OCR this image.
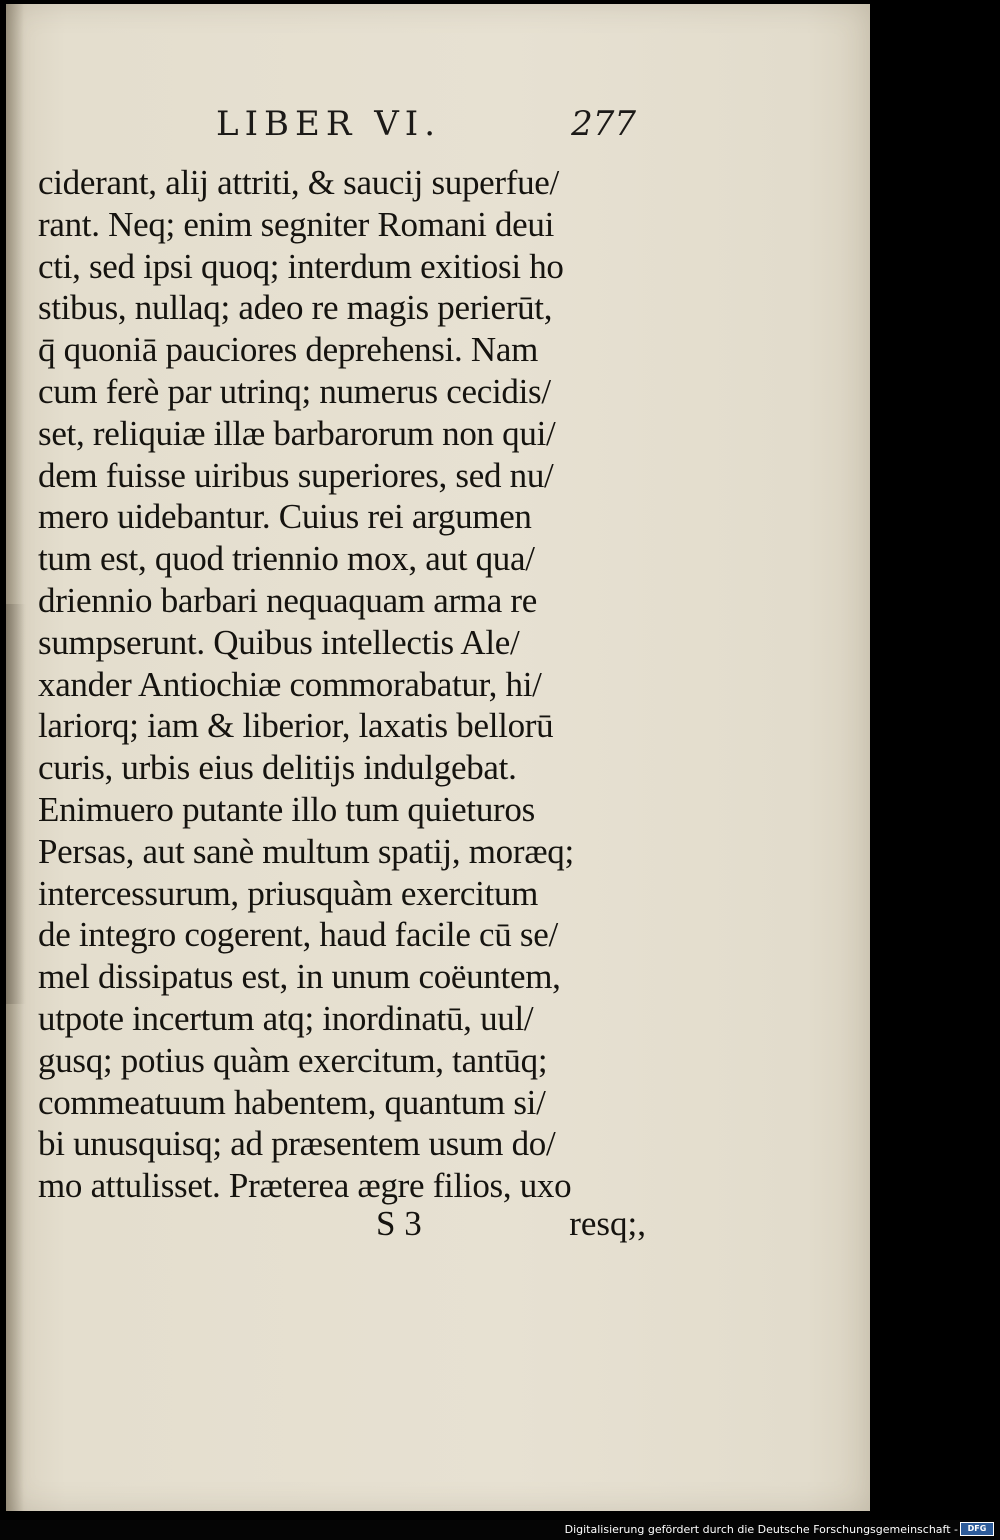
LIBER VI.	277
ciderant, alij attriti, & saucij superfue/
rant. Neq; enim segniter Romani deui
cti, sed ipsi quoq; interdum exitiosi ho
stibus, nullaq; adeo re magis perierūt,
q̄ quoniā pauciores deprehensi. Nam
cum ferè par utrinq; numerus cecidis/
set, reliquiæ illæ barbarorum non qui/
dem fuisse uiribus superiores, sed nu/
mero uidebantur. Cuius rei argumen
tum est, quod triennio mox, aut qua/
driennio barbari nequaquam arma re
sumpserunt. Quibus intellectis Ale/
xander Antiochiæ commorabatur, hi/
lariorq; iam & liberior, laxatis bellorū
curis, urbis eius delitijs indulgebat.
Enimuero putante illo tum quieturos
Persas, aut sanè multum spatij, moræq;
intercessurum, priusquàm exercitum
de integro cogerent, haud facile cū se/
mel dissipatus est, in unum coëuntem,
utpote incertum atq; inordinatū, uul/
gusq; potius quàm exercitum, tantūq;
commeatuum habentem, quantum si/
bi unusquisq; ad præsentem usum do/
mo attulisset. Præterea ægre filios, uxo
S 3	resq;,
Digitalisierung gefördert durch die Deutsche Forschungsgemeinschaft -	DFG
